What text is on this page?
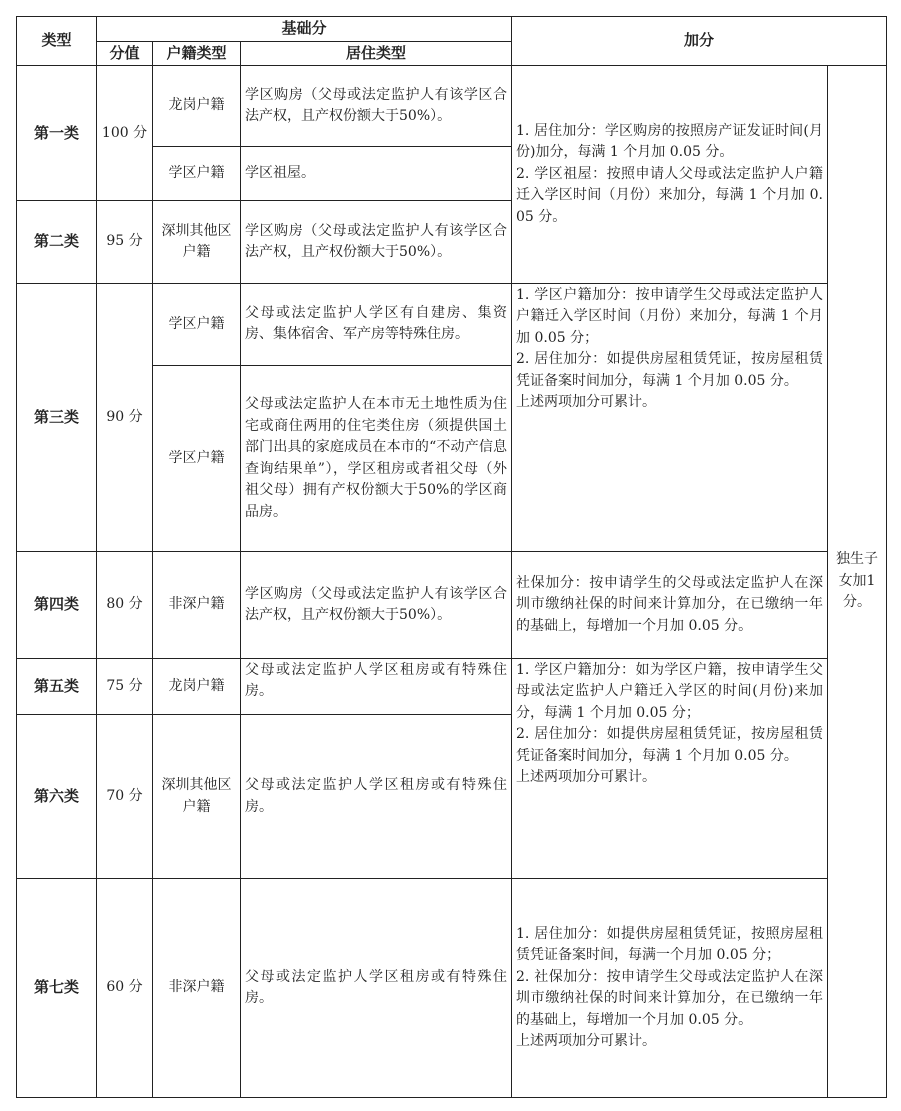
类型	基础分			加分	
	分值	户籍类型	居住类型		
第一类	100 分	龙岗户籍	学区购房（父母或法定监护人有该学区合法产权，且产权份额大于50%）。	1. 居住加分：学区购房的按照房产证发证时间(月份)加分，每满 1 个月加 0.05 分。
2. 学区祖屋：按照申请人父母或法定监护人户籍迁入学区时间（月份）来加分，每满 1 个月加 0.05 分。	独生子女加1分。
		学区户籍	学区祖屋。		
第二类	95 分	深圳其他区户籍	学区购房（父母或法定监护人有该学区合法产权，且产权份额大于50%）。		
第三类	90 分	学区户籍	父母或法定监护人学区有自建房、集资房、集体宿舍、军产房等特殊住房。	1. 学区户籍加分：按申请学生父母或法定监护人户籍迁入学区时间（月份）来加分，每满 1 个月加 0.05 分；
2. 居住加分：如提供房屋租赁凭证，按房屋租赁凭证备案时间加分，每满 1 个月加 0.05 分。
上述两项加分可累计。	

		学区户籍	父母或法定监护人在本市无土地性质为住宅或商住两用的住宅类住房（须提供国土部门出具的家庭成员在本市的“不动产信息查询结果单”），学区租房或者祖父母（外祖父母）拥有产权份额大于50%的学区商品房。		
第四类	80 分	非深户籍	学区购房（父母或法定监护人有该学区合法产权，且产权份额大于50%）。	社保加分：按申请学生的父母或法定监护人在深圳市缴纳社保的时间来计算加分，在已缴纳一年的基础上，每增加一个月加 0.05 分。	

第五类	75 分	龙岗户籍	父母或法定监护人学区租房或有特殊住房。	1. 学区户籍加分：如为学区户籍，按申请学生父母或法定监护人户籍迁入学区的时间(月份)来加分，每满 1 个月加 0.05 分；
2. 居住加分：如提供房屋租赁凭证，按房屋租赁凭证备案时间加分，每满 1 个月加 0.05 分。
上述两项加分可累计。	

第六类	70 分	深圳其他区户籍	父母或法定监护人学区租房或有特殊住房。		
第七类	60 分	非深户籍	父母或法定监护人学区租房或有特殊住房。	1. 居住加分：如提供房屋租赁凭证，按照房屋租赁凭证备案时间，每满一个月加 0.05 分；
2. 社保加分：按申请学生父母或法定监护人在深圳市缴纳社保的时间来计算加分，在已缴纳一年的基础上，每增加一个月加 0.05 分。
上述两项加分可累计。	
